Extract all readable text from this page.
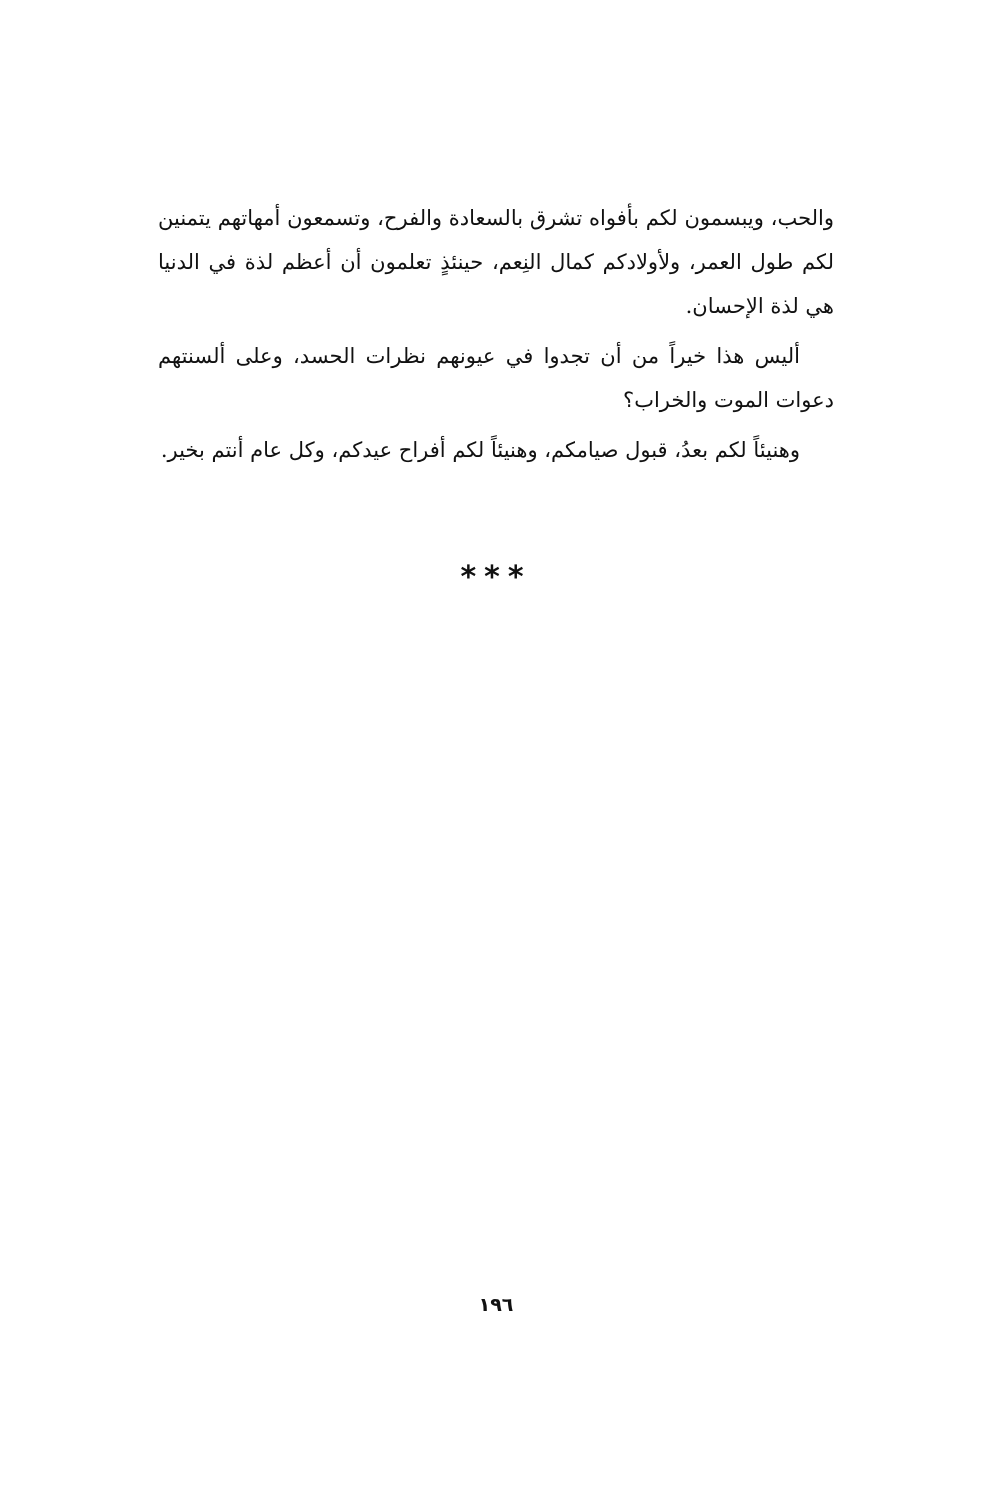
والحب، ويبسمون لكم بأفواه تشرق بالسعادة والفرح، وتسمعون أمهاتهم يتمنين لكم طول العمر، ولأولادكم كمال النِعم، حينئذٍ تعلمون أن أعظم لذة في الدنيا هي لذة الإحسان.

أليس هذا خيراً من أن تجدوا في عيونهم نظرات الحسد، وعلى ألسنتهم دعوات الموت والخراب؟

وهنيئاً لكم بعدُ، قبول صيامكم، وهنيئاً لكم أفراح عيدكم، وكل عام أنتم بخير.

***
١٩٦
